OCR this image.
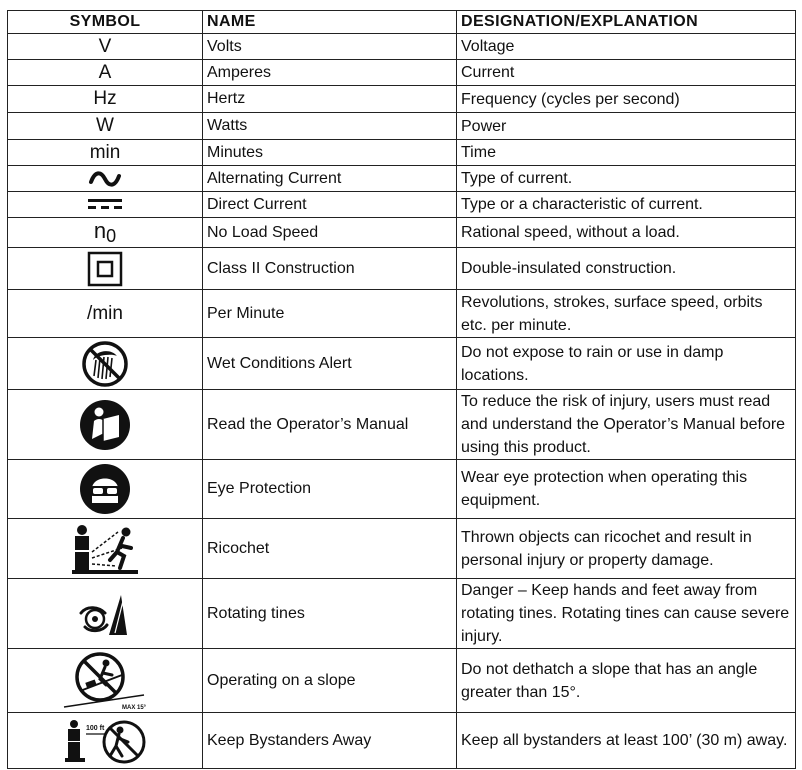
SYMBOL	NAME	DESIGNATION/EXPLANATION
V	Volts	Voltage
A	Amperes	Current
Hz	Hertz	Frequency (cycles per second)
W	Watts	Power
min	Minutes	Time
	Alternating Current	Type of current.
	Direct Current	Type or a characteristic of current.
$n_0$	No Load Speed	Rational speed, without a load.
	Class II Construction	Double-insulated construction.
/min	Per Minute	Revolutions, strokes, surface speed, orbits etc. per minute.
	Wet Conditions Alert	Do not expose to rain or use in damp locations.
	Read the Operator’s Manual	To reduce the risk of injury, users must read and understand the Operator’s Manual before using this product.
	Eye Protection	Wear eye protection when operating this equipment.
	Ricochet	Thrown objects can ricochet and result in personal injury or property damage.
	Rotating tines	Danger – Keep hands and feet away from rotating tines. Rotating tines can cause severe injury.

MAX 15°	Operating on a slope	Do not dethatch a slope that has an angle greater than 15°.

100 ft	Keep Bystanders Away	Keep all bystanders at least 100’ (30 m) away.
